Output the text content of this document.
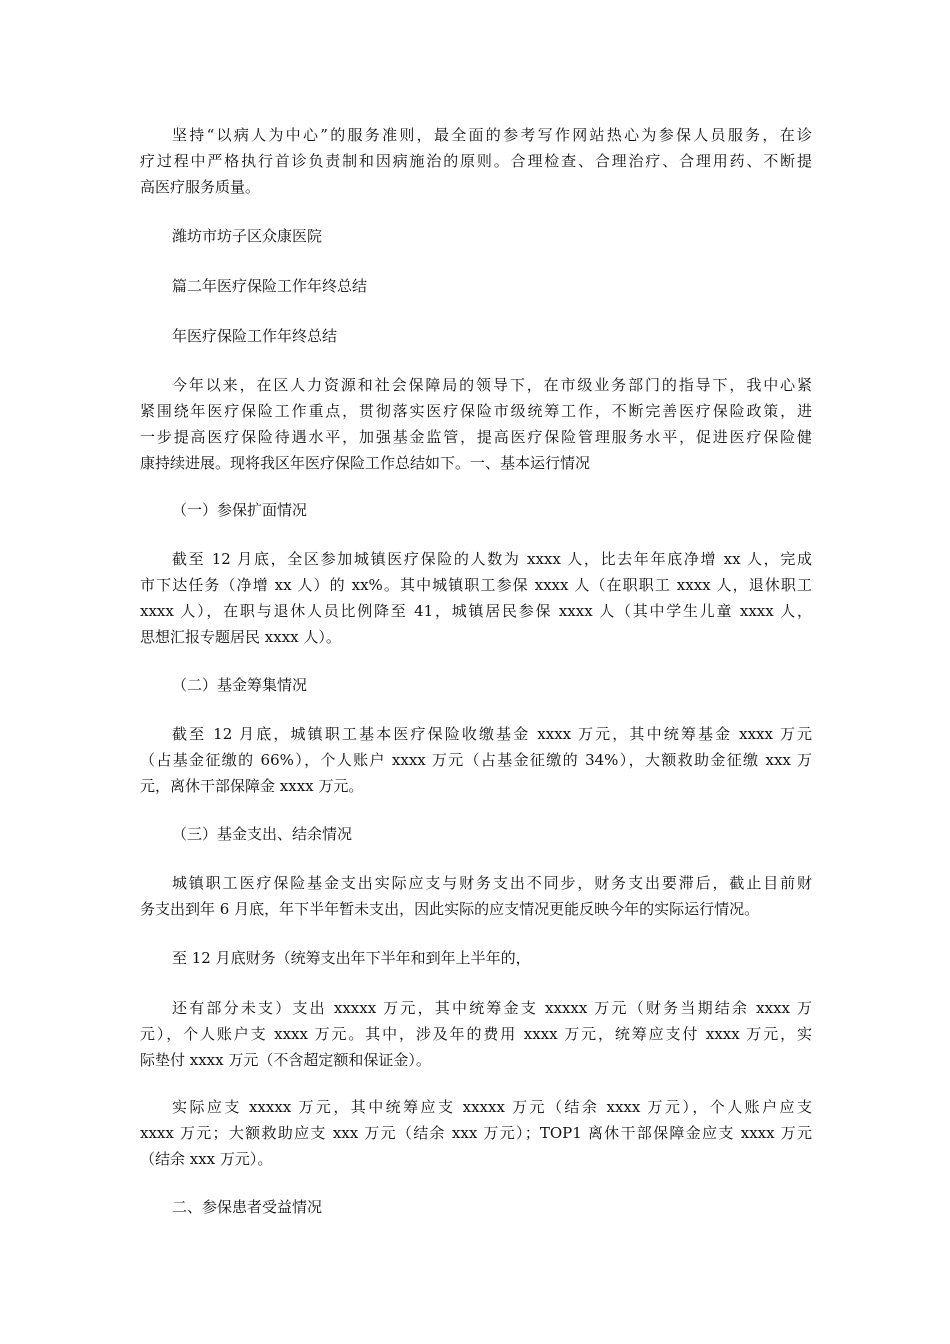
坚持“以病人为中心”的服务准则，最全面的参考写作网站热心为参保人员服务，在诊
疗过程中严格执行首诊负责制和因病施治的原则。合理检查、合理治疗、合理用药、不断提
高医疗服务质量。

潍坊市坊子区众康医院

篇二年医疗保险工作年终总结

年医疗保险工作年终总结

今年以来，在区人力资源和社会保障局的领导下，在市级业务部门的指导下，我中心紧
紧围绕年医疗保险工作重点，贯彻落实医疗保险市级统筹工作，不断完善医疗保险政策，进
一步提高医疗保险待遇水平，加强基金监管，提高医疗保险管理服务水平，促进医疗保险健
康持续进展。现将我区年医疗保险工作总结如下。一、基本运行情况

（一）参保扩面情况

截至 12 月底，全区参加城镇医疗保险的人数为 xxxx 人，比去年年底净增 xx 人，完成
市下达任务（净增 xx 人）的 xx%。其中城镇职工参保 xxxx 人（在职职工 xxxx 人，退休职工
xxxx 人），在职与退休人员比例降至 41，城镇居民参保 xxxx 人（其中学生儿童 xxxx 人，
思想汇报专题居民 xxxx 人）。

（二）基金筹集情况

截至 12 月底，城镇职工基本医疗保险收缴基金 xxxx 万元，其中统筹基金 xxxx 万元
（占基金征缴的 66%），个人账户 xxxx 万元（占基金征缴的 34%），大额救助金征缴 xxx 万
元，离休干部保障金 xxxx 万元。

（三）基金支出、结余情况

城镇职工医疗保险基金支出实际应支与财务支出不同步，财务支出要滞后，截止目前财
务支出到年 6 月底，年下半年暂未支出，因此实际的应支情况更能反映今年的实际运行情况。

至 12 月底财务（统筹支出年下半年和到年上半年的，

还有部分未支）支出 xxxxx 万元，其中统筹金支 xxxxx 万元（财务当期结余 xxxx 万
元），个人账户支 xxxx 万元。其中，涉及年的费用 xxxx 万元，统筹应支付 xxxx 万元，实
际垫付 xxxx 万元（不含超定额和保证金）。
实际应支 xxxxx 万元，其中统筹应支 xxxxx 万元（结余 xxxx 万元），个人账户应支
xxxx 万元；大额救助应支 xxx 万元（结余 xxx 万元）；TOP1 离休干部保障金应支 xxxx 万元
（结余 xxx 万元）。

二、参保患者受益情况
